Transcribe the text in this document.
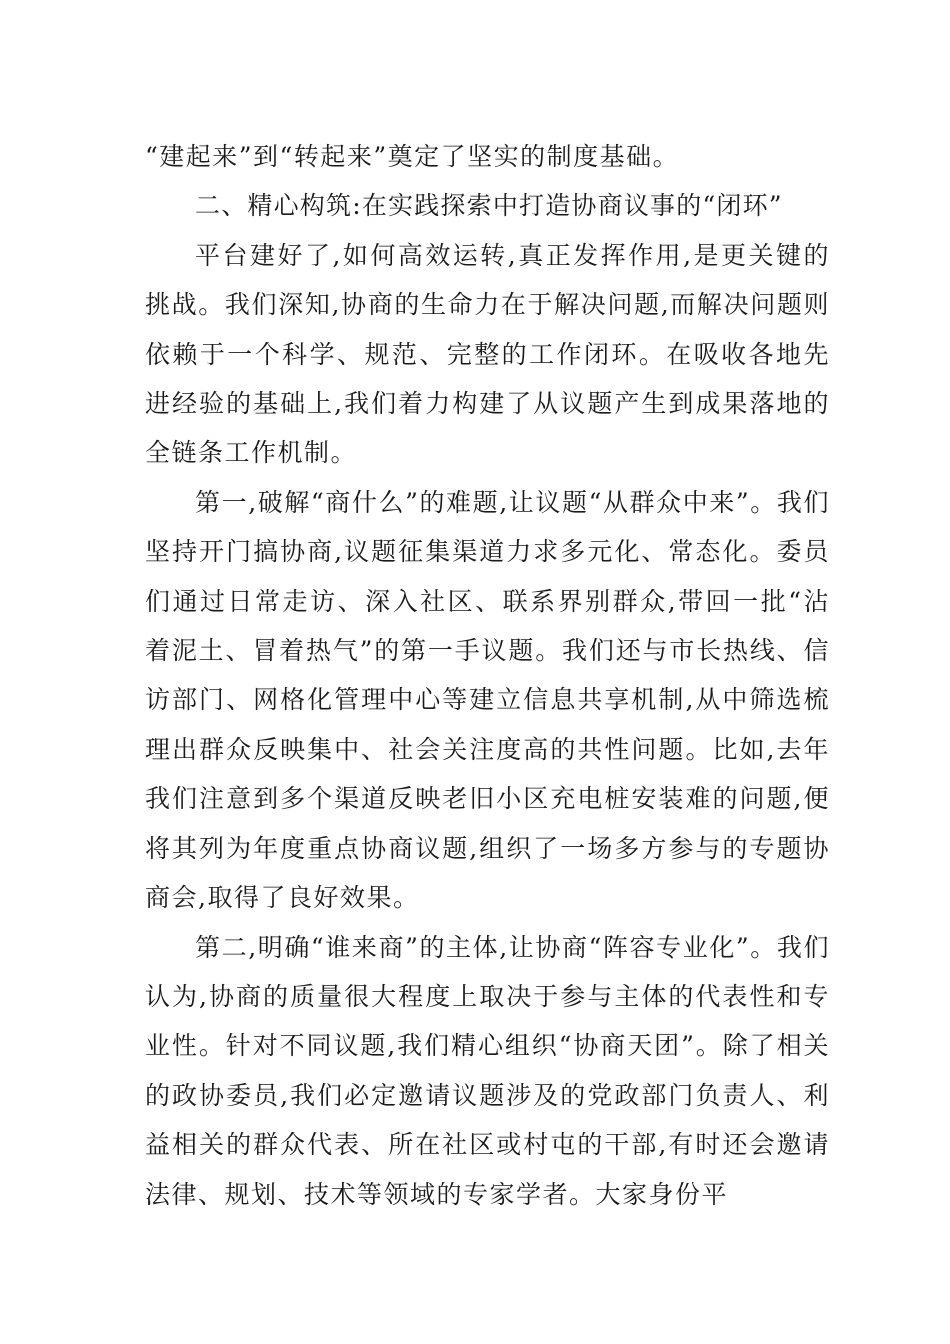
“建起来”到“转起来”奠定了坚实的制度基础。

二、精心构筑:在实践探索中打造协商议事的“闭环”

平台建好了,如何高效运转,真正发挥作用,是更关键的挑战。我们深知,协商的生命力在于解决问题,而解决问题则依赖于一个科学、规范、完整的工作闭环。在吸收各地先进经验的基础上,我们着力构建了从议题产生到成果落地的全链条工作机制。

第一,破解“商什么”的难题,让议题“从群众中来”。我们坚持开门搞协商,议题征集渠道力求多元化、常态化。委员们通过日常走访、深入社区、联系界别群众,带回一批“沾着泥土、冒着热气”的第一手议题。我们还与市长热线、信访部门、网格化管理中心等建立信息共享机制,从中筛选梳理出群众反映集中、社会关注度高的共性问题。比如,去年我们注意到多个渠道反映老旧小区充电桩安装难的问题,便将其列为年度重点协商议题,组织了一场多方参与的专题协商会,取得了良好效果。

第二,明确“谁来商”的主体,让协商“阵容专业化”。我们认为,协商的质量很大程度上取决于参与主体的代表性和专业性。针对不同议题,我们精心组织“协商天团”。除了相关的政协委员,我们必定邀请议题涉及的党政部门负责人、利益相关的群众代表、所在社区或村屯的干部,有时还会邀请法律、规划、技术等领域的专家学者。大家身份平
